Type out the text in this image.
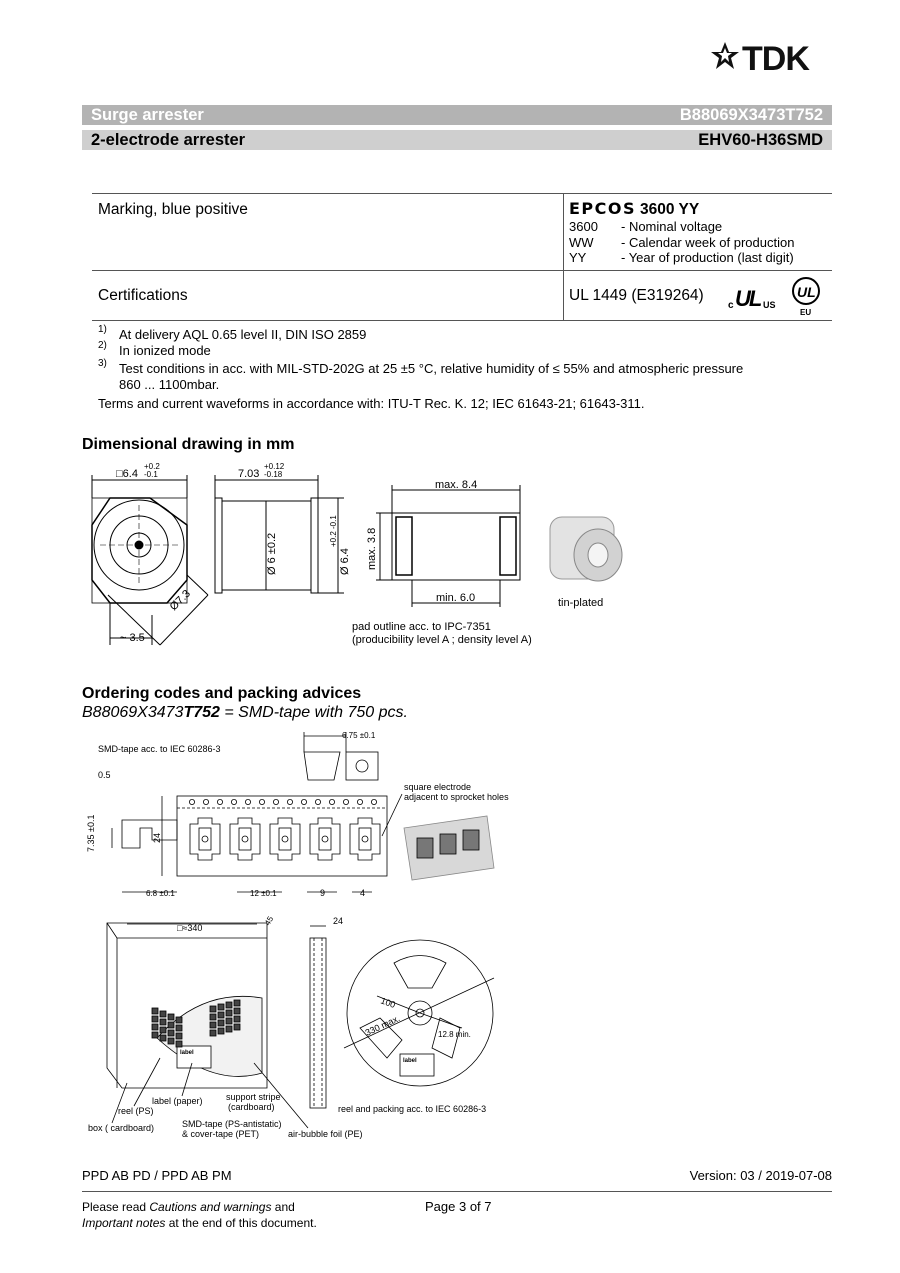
TDK
Surge arrester	B88069X3473T752
2-electrode arrester	EHV60-H36SMD
Marking, blue positive	EPCOS 3600 YY
3600 - Nominal voltage
WW - Calendar week of production
YY	- Year of production (last digit)
Certifications	UL 1449 (E319264)
c UL US
UL
EU
1) At delivery AQL 0.65 level II, DIN ISO 2859
2) In ionized mode
3) Test conditions in acc. with MIL-STD-202G at 25 ±5 °C, relative humidity of ≤ 55% and atmospheric pressure
860 ... 1100mbar.
Terms and current waveforms in accordance with: ITU-T Rec. K. 12; IEC 61643-21; 61643-311.
Dimensional drawing in mm
□6.4
+0.2
-0.1
Ø7.3
~ 3.5
7.03
+0.12
-0.18
Ø 6 ±0.2	Ø 6.4
+0.2 -0.1
max. 8.4
max. 3.8
min. 6.0
pad outline acc. to IPC-7351
(producibility level A ; density level A)
tin-plated
Ordering codes and packing advices
B88069X3473T752 = SMD-tape with 750 pcs.
SMD-tape acc. to IEC 60286-3
6.75 ±0.1
0.5
7.35 ±0.1	24
6.8 ±0.1	12 ±0.1	9	4
square electrode
adjacent to sprocket holes
□≈340
45
label
24
100
330 max.	12.8 min.
label
label (paper)	support stripe
(cardboard)
reel (PS)
box ( cardboard)	SMD-tape (PS-antistatic)
& cover-tape (PET)	air-bubble foil (PE)
reel and packing acc. to IEC 60286-3
PPD AB PD / PPD AB PM	Version: 03 / 2019-07-08
Please read Cautions and warnings and
Important notes at the end of this document.
Page 3 of 7
